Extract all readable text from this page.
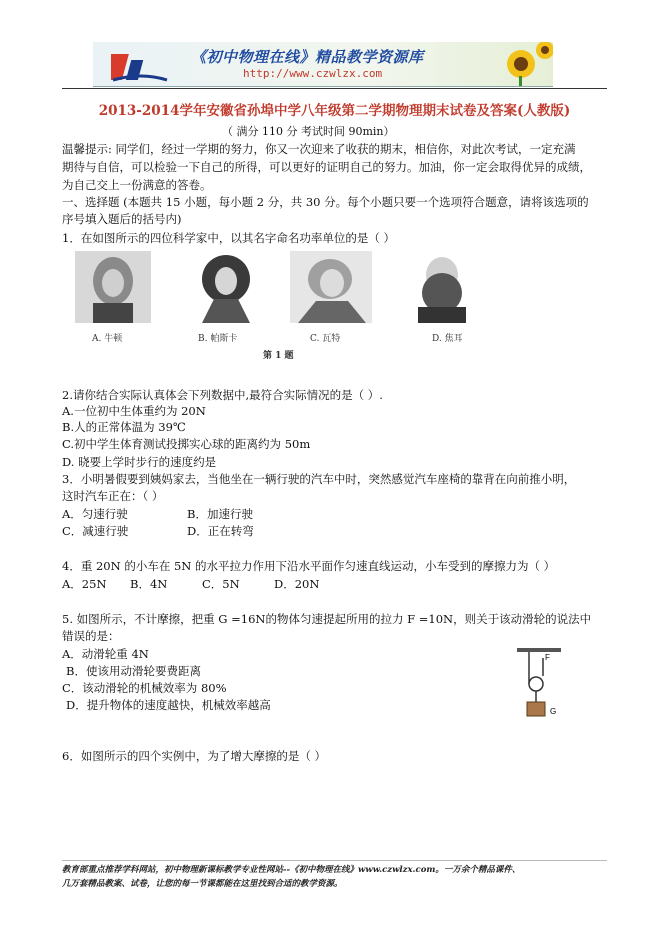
《初中物理在线》精品教学资源库
http://www.czwlzx.com
2013-2014学年安徽省孙埠中学八年级第二学期物理期末试卷及答案(人教版)
（ 满分 110 分 考试时间 90min）
温馨提示: 同学们，经过一学期的努力，你又一次迎来了收获的期末，相信你，对此次考试，一定充满
期待与自信，可以检验一下自己的所得，可以更好的证明自己的努力。加油，你一定会取得优异的成绩，
为自己交上一份满意的答卷。
一、选择题 (本题共 15 小题，每小题 2 分，共 30 分。每个小题只要一个选项符合题意，请将该选项的
序号填入题后的括号内)
1．在如图所示的四位科学家中，以其名字命名功率单位的是（ ）
A. 牛顿	B. 帕斯卡	C. 瓦特	D. 焦耳
第 1 题
2.请你结合实际认真体会下列数据中,最符合实际情况的是（ ）.
A.一位初中生体重约为 20N
B.人的正常体温为 39℃
C.初中学生体育测试投掷实心球的距离约为 50m
D. 晓要上学时步行的速度约是
3．小明暑假要到姨妈家去，当他坐在一辆行驶的汽车中时，突然感觉汽车座椅的靠背在向前推小明，
这时汽车正在：（ ）
A．匀速行驶	B．加速行驶
C．减速行驶	D．正在转弯
4．重 20N 的小车在 5N 的水平拉力作用下沿水平面作匀速直线运动，小车受到的摩擦力为（ ）
A．25N B．4N	C．5N	D．20N
5. 如图所示，不计摩擦，把重 G =16N的物体匀速提起所用的拉力 F =10N，则关于该动滑轮的说法中
错误的是：
A．动滑轮重 4N
B．使该用动滑轮要费距离
C．该动滑轮的机械效率为 80%
D．提升物体的速度越快，机械效率越高
F
G
6．如图所示的四个实例中，为了增大摩擦的是（ ）
教育部重点推荐学科网站，初中物理新课标教学专业性网站--《初中物理在线》www.czwlzx.com。一万余个精品课件、
几万套精品教案、试卷，让您的每一节课都能在这里找到合适的教学资源。
